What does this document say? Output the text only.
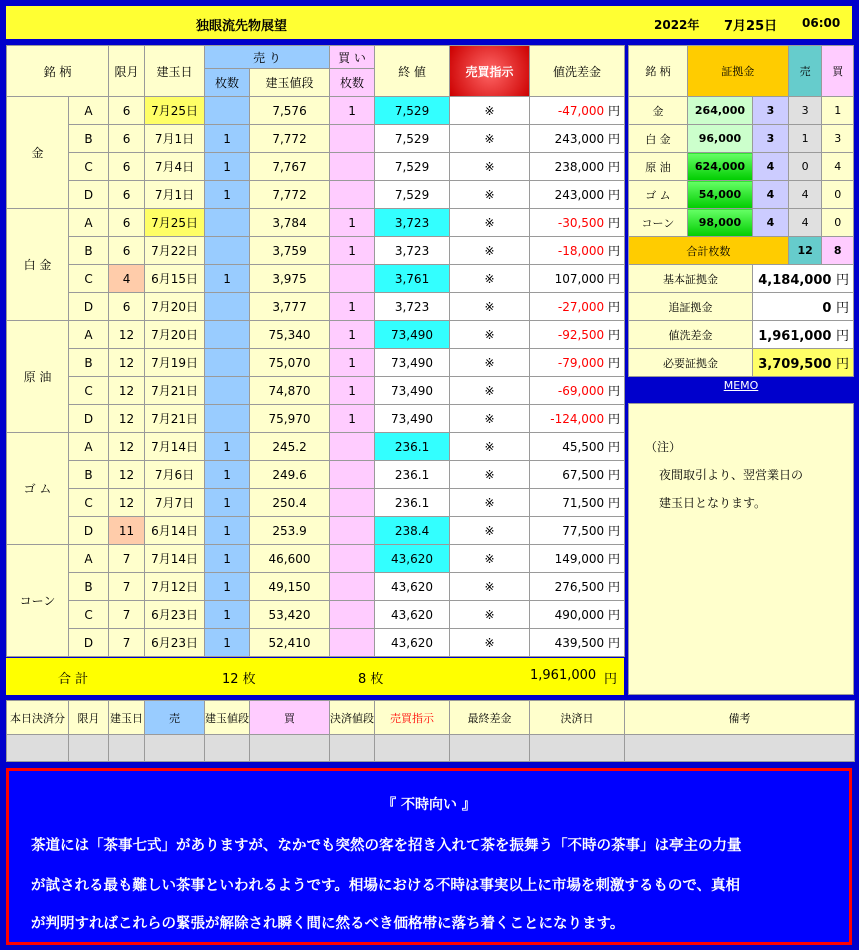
独眼流先物展望	2022年 7月25日 06:00
銘 柄		限月	建玉日	売 り		買 い	終 値	売買指示	値洗差金
				枚数	建玉値段	枚数			
金	A	6	7月25日		7,576	1	7,529	※	-47,000 円
	B	6	7月1日	1	7,772		7,529	※	243,000 円
	C	6	7月4日	1	7,767		7,529	※	238,000 円
	D	6	7月1日	1	7,772		7,529	※	243,000 円
白 金	A	6	7月25日		3,784	1	3,723	※	-30,500 円
	B	6	7月22日		3,759	1	3,723	※	-18,000 円
	C	4	6月15日	1	3,975		3,761	※	107,000 円
	D	6	7月20日		3,777	1	3,723	※	-27,000 円
原 油	A	12	7月20日		75,340	1	73,490	※	-92,500 円
	B	12	7月19日		75,070	1	73,490	※	-79,000 円
	C	12	7月21日		74,870	1	73,490	※	-69,000 円
	D	12	7月21日		75,970	1	73,490	※	-124,000 円
ゴ ム	A	12	7月14日	1	245.2		236.1	※	45,500 円
	B	12	7月6日	1	249.6		236.1	※	67,500 円
	C	12	7月7日	1	250.4		236.1	※	71,500 円
	D	11	6月14日	1	253.9		238.4	※	77,500 円
コーン	A	7	7月14日	1	46,600		43,620	※	149,000 円
	B	7	7月12日	1	49,150		43,620	※	276,500 円
	C	7	6月23日	1	53,420		43,620	※	490,000 円
	D	7	6月23日	1	52,410		43,620	※	439,500 円
合 計	12 枚	8 枚	1,961,000 円
銘 柄	証拠金		売	買
金	264,000	3	3	1
白 金	96,000	3	1	3
原 油	624,000	4	0	4
ゴ ム	54,000	4	4	0
コーン	98,000	4	4	0
合計枚数			12	8
基本証拠金		4,184,000 円		
追証拠金		0 円		
値洗差金		1,961,000 円		
必要証拠金		3,709,500 円		
MEMO
（注）
夜間取引より、翌営業日の
建玉日となります。
本日決済分	限月	建玉日	売	建玉値段	買	決済値段	売買指示	最終差金	決済日	備考

『 不時向い 』

茶道には「茶事七式」がありますが、なかでも突然の客を招き入れて茶を振舞う「不時の茶事」は亭主の力量

が試される最も難しい茶事といわれるようです。相場における不時は事実以上に市場を刺激するもので、真相

が判明すればこれらの緊張が解除され瞬く間に然るべき価格帯に落ち着くことになります。
